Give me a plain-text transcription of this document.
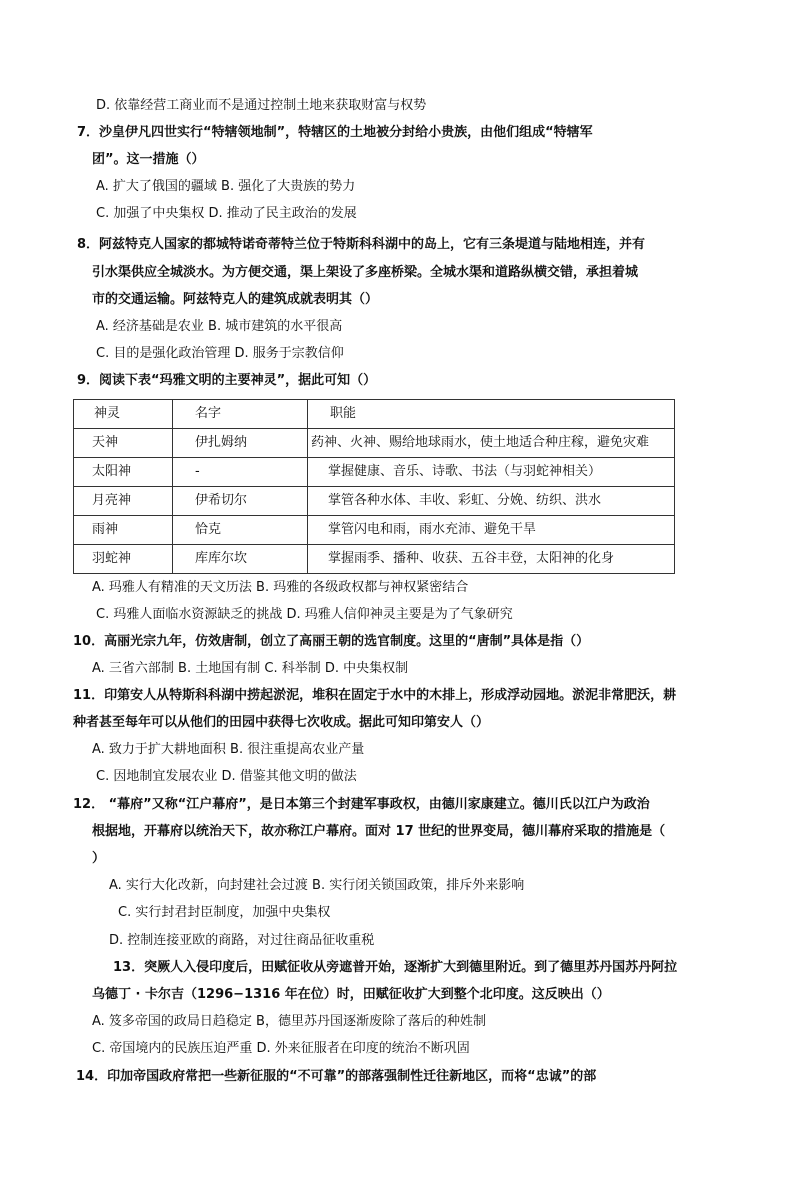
D. 依靠经营工商业而不是通过控制土地来获取财富与权势
7．沙皇伊凡四世实行“特辖领地制”，特辖区的土地被分封给小贵族，由他们组成“特辖军
团”。这一措施（）
A. 扩大了俄国的疆域 B. 强化了大贵族的势力
C. 加强了中央集权 D. 推动了民主政治的发展
8．阿兹特克人国家的都城特诺奇蒂特兰位于特斯科科湖中的岛上，它有三条堤道与陆地相连，并有
引水渠供应全城淡水。为方便交通，渠上架设了多座桥梁。全城水渠和道路纵横交错，承担着城
市的交通运输。阿兹特克人的建筑成就表明其（）
A. 经济基础是农业 B. 城市建筑的水平很高
C. 目的是强化政治管理 D. 服务于宗教信仰
9．阅读下表“玛雅文明的主要神灵”，据此可知（）
神灵	名字	职能
天神	伊扎姆纳	药神、火神、赐给地球雨水，使土地适合种庄稼，避免灾难
太阳神	-	掌握健康、音乐、诗歌、书法（与羽蛇神相关）
月亮神	伊希切尔	掌管各种水体、丰收、彩虹、分娩、纺织、洪水
雨神	恰克	掌管闪电和雨，雨水充沛、避免干旱
羽蛇神	库库尔坎	掌握雨季、播种、收获、五谷丰登，太阳神的化身
A. 玛雅人有精准的天文历法 B. 玛雅的各级政权都与神权紧密结合
C. 玛雅人面临水资源缺乏的挑战 D. 玛雅人信仰神灵主要是为了气象研究
10．高丽光宗九年，仿效唐制，创立了高丽王朝的选官制度。这里的“唐制”具体是指（）
A. 三省六部制 B. 土地国有制 C. 科举制 D. 中央集权制
11．印第安人从特斯科科湖中捞起淤泥，堆积在固定于水中的木排上，形成浮动园地。淤泥非常肥沃，耕
种者甚至每年可以从他们的田园中获得七次收成。据此可知印第安人（）
A. 致力于扩大耕地面积 B. 很注重提高农业产量
C. 因地制宜发展农业 D. 借鉴其他文明的做法
12． “幕府”又称“江户幕府”，是日本第三个封建军事政权，由德川家康建立。德川氏以江户为政治
根据地，开幕府以统治天下，故亦称江户幕府。面对 17 世纪的世界变局，德川幕府采取的措施是（
）
A. 实行大化改新，向封建社会过渡 B. 实行闭关锁国政策，排斥外来影响
C. 实行封君封臣制度，加强中央集权
D. 控制连接亚欧的商路，对过往商品征收重税
13．突厥人入侵印度后，田赋征收从旁遮普开始，逐渐扩大到德里附近。到了德里苏丹国苏丹阿拉
乌德丁 · 卡尔吉（1296−1316 年在位）时，田赋征收扩大到整个北印度。这反映出（）
A. 笈多帝国的政局日趋稳定 B，德里苏丹国逐渐废除了落后的种姓制
C. 帝国境内的民族压迫严重 D. 外来征服者在印度的统治不断巩固
14．印加帝国政府常把一些新征服的“不可靠”的部落强制性迁往新地区，而将“忠诚”的部
